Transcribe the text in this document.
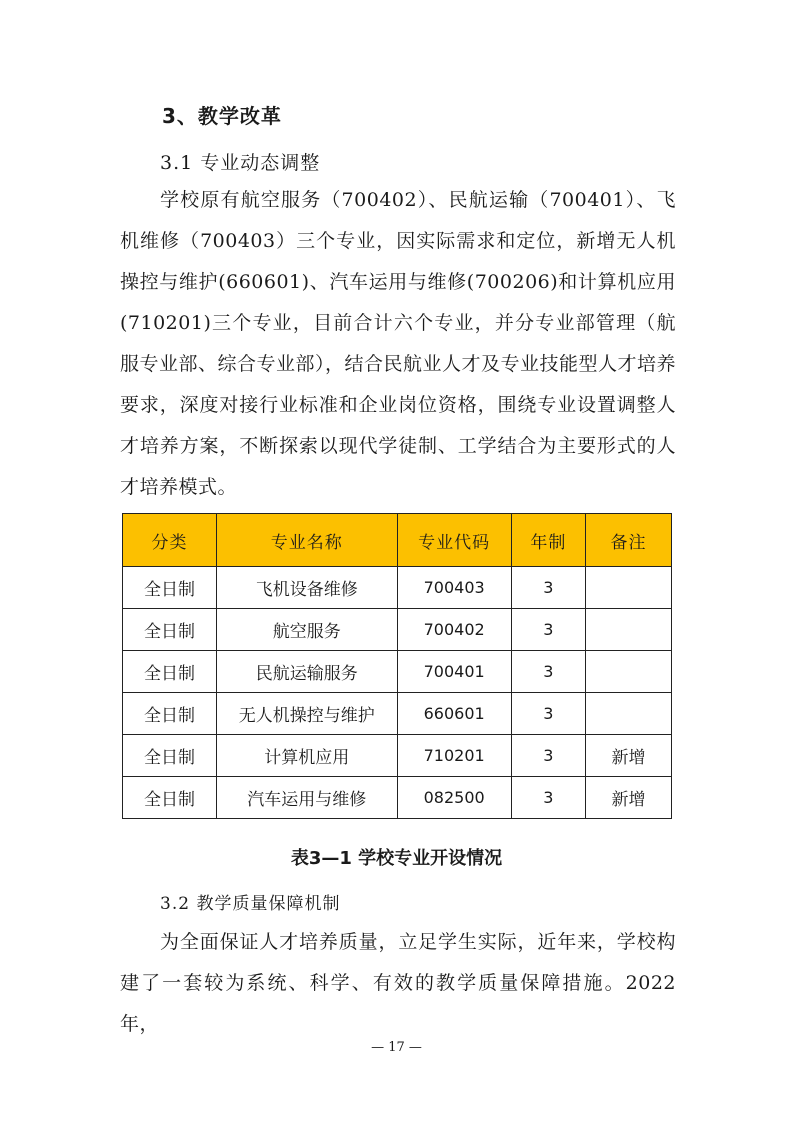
3、教学改革
3.1 专业动态调整

学校原有航空服务（700402）、民航运输（700401）、飞机维修（700403）三个专业，因实际需求和定位，新增无人机操控与维护(660601)、汽车运用与维修(700206)和计算机应用(710201)三个专业，目前合计六个专业，并分专业部管理（航服专业部、综合专业部），结合民航业人才及专业技能型人才培养要求，深度对接行业标准和企业岗位资格，围绕专业设置调整人才培养方案，不断探索以现代学徒制、工学结合为主要形式的人才培养模式。

分类	专业名称	专业代码	年制	备注
全日制	飞机设备维修	700403	3	
全日制	航空服务	700402	3	
全日制	民航运输服务	700401	3	
全日制	无人机操控与维护	660601	3	
全日制	计算机应用	710201	3	新增
全日制	汽车运用与维修	082500	3	新增
表3—1 学校专业开设情况
3.2 教学质量保障机制

为全面保证人才培养质量，立足学生实际，近年来，学校构建了一套较为系统、科学、有效的教学质量保障措施。2022年，

— 17 —
